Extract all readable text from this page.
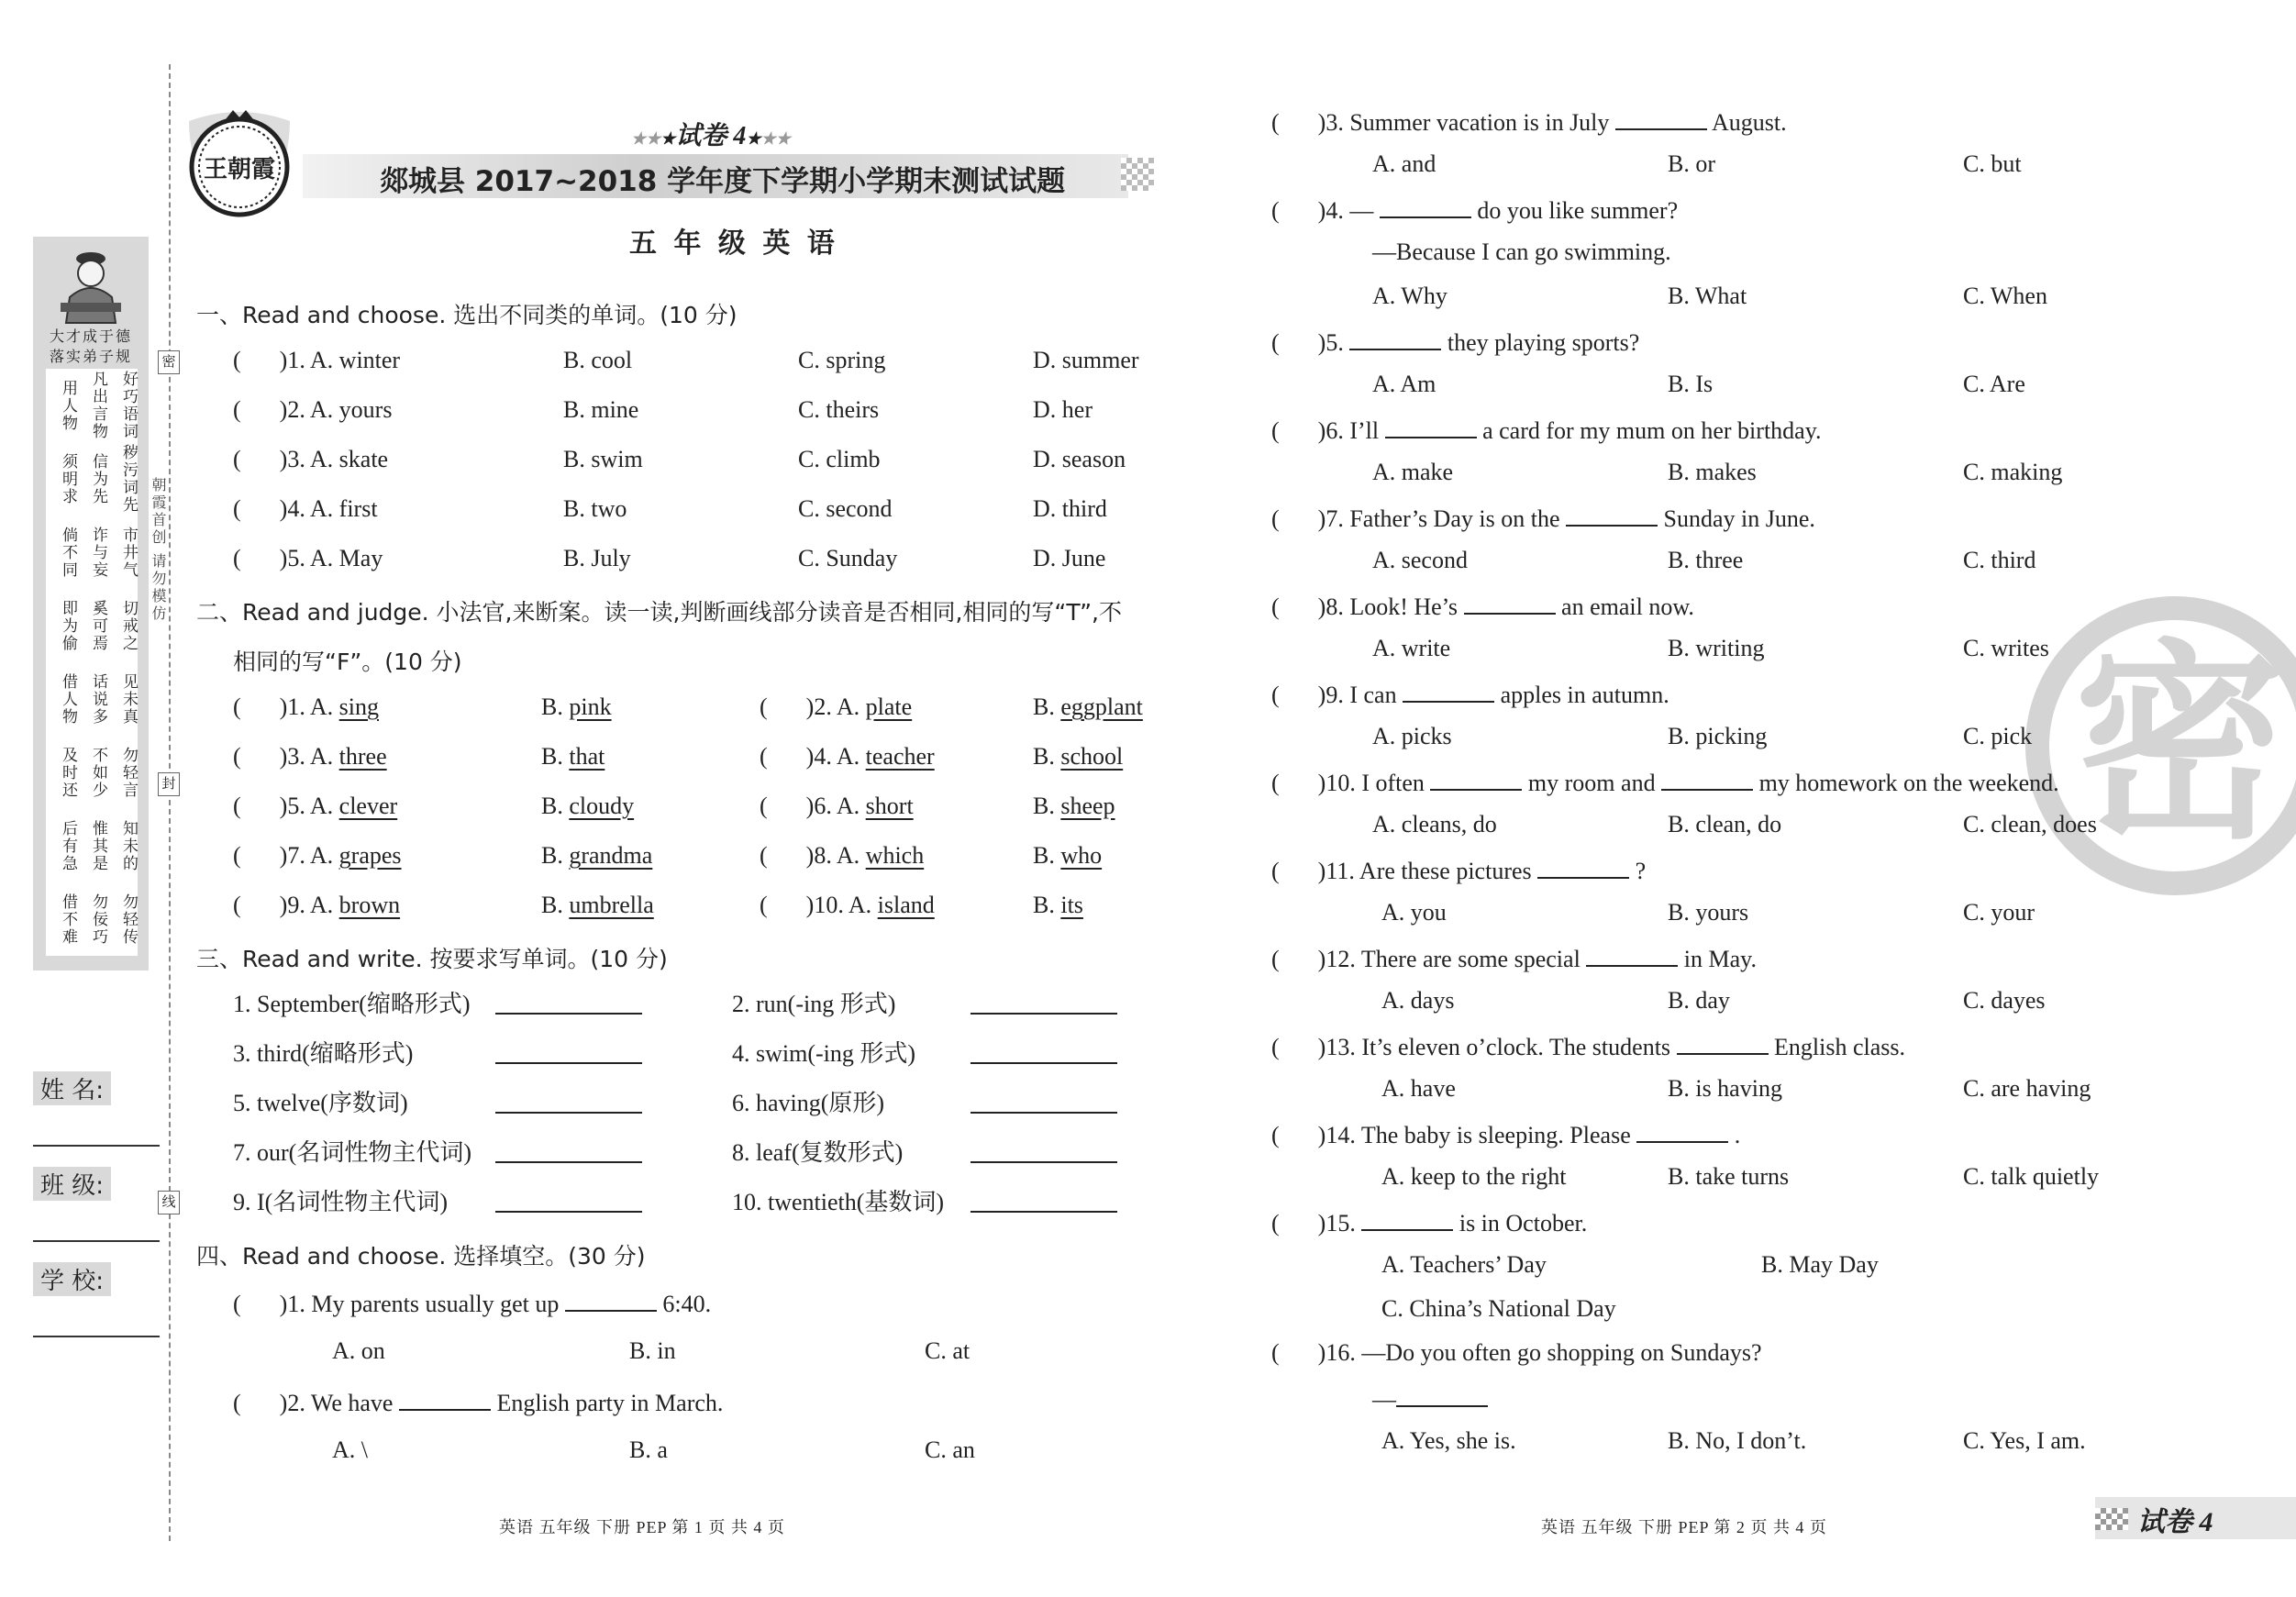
密
封
线
朝霞首创 请勿模仿
大才成于德
落实弟子规
好巧语词
凡出言物
用人物
秽污词先
信为先
须明求
市井气
诈与妄
倘不同
切戒之
奚可焉
即为偷
见未真
话说多
借人物
勿轻言
不如少
及时还
知未的
惟其是
后有急
勿轻传
勿佞巧
借不难
姓 名:
班 级:
学 校:
王朝霞
★★★试卷 4★★★
郯城县 2017~2018 学年度下学期小学期末测试试题
五 年 级 英 语
一、Read and choose. 选出不同类的单词。(10 分)
( )1. A. winter	B. cool	C. spring	D. summer
( )2. A. yours	B. mine	C. theirs	D. her
( )3. A. skate	B. swim	C. climb	D. season
( )4. A. first	B. two	C. second	D. third
( )5. A. May	B. July	C. Sunday	D. June
二、Read and judge. 小法官,来断案。读一读,判断画线部分读音是否相同,相同的写“T”,不
相同的写“F”。(10 分)
( )1. A. sing	B. pink	( )2. A. plate	B. eggplant
( )3. A. three	B. that	( )4. A. teacher	B. school
( )5. A. clever	B. cloudy	( )6. A. short	B. sheep
( )7. A. grapes	B. grandma	( )8. A. which	B. who
( )9. A. brown	B. umbrella	( )10. A. island	B. its
三、Read and write. 按要求写单词。(10 分)
1. September(缩略形式)	2. run(-ing 形式)
3. third(缩略形式)	4. swim(-ing 形式)
5. twelve(序数词)	6. having(原形)
7. our(名词性物主代词)	8. leaf(复数形式)
9. I(名词性物主代词)	10. twentieth(基数词)
四、Read and choose. 选择填空。(30 分)
( )1. My parents usually get up	6:40.
A. on	B. in	C. at
( )2. We have	English party in March.
A. \	B. a	C. an
密
( )3. Summer vacation is in July	August.
A. and	B. or	C. but
( )4. —	do you like summer?
—Because I can go swimming.
A. Why	B. What	C. When
( )5.	they playing sports?
A. Am	B. Is	C. Are
( )6. I’ll	a card for my mum on her birthday.
A. make	B. makes	C. making
( )7. Father’s Day is on the	Sunday in June.
A. second	B. three	C. third
( )8. Look! He’s	an email now.
A. write	B. writing	C. writes
( )9. I can	apples in autumn.
A. picks	B. picking	C. pick
( )10. I often	my room and	my homework on the weekend.
A. cleans, do	B. clean, do	C. clean, does
( )11. Are these pictures	?
A. you	B. yours	C. your
( )12. There are some special	in May.
A. days	B. day	C. dayes
( )13. It’s eleven o’clock. The students	English class.
A. have	B. is having	C. are having
( )14. The baby is sleeping. Please	.
A. keep to the right	B. take turns	C. talk quietly
( )15.	is in October.
A. Teachers’ Day	B. May Day
C. China’s National Day
( )16. —Do you often go shopping on Sundays?
—
A. Yes, she is.	B. No, I don’t.	C. Yes, I am.
英语 五年级 下册 PEP 第 1 页 共 4 页	英语 五年级 下册 PEP 第 2 页 共 4 页	试卷 4
